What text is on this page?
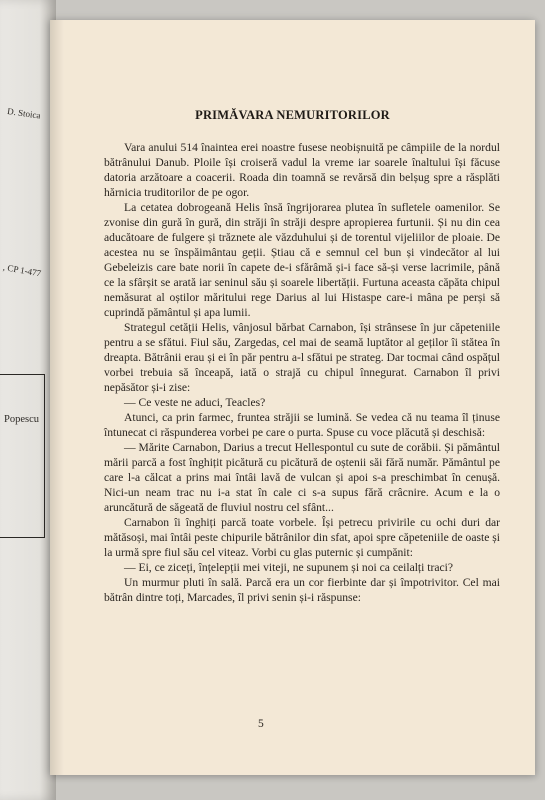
D. Stoica
, CP 1-477
Popescu
PRIMĂVARA NEMURITORILOR

Vara anului 514 înaintea erei noastre fusese neobișnuită pe câmpiile de la nordul bătrânului Danub. Ploile își croiseră vadul la vreme iar soarele înaltului își făcuse datoria arzătoare a coacerii. Roada din toamnă se revărsă din belșug spre a răsplăti hărnicia truditorilor de pe ogor.

La cetatea dobrogeană Helis însă îngrijorarea plutea în sufletele oamenilor. Se zvonise din gură în gură, din străji în străji despre apropierea furtunii. Și nu din cea aducătoare de fulgere și trăznete ale văzduhului și de torentul vijeliilor de ploaie. De acestea nu se înspăimântau geții. Știau că e semnul cel bun și vindecător al lui Gebeleizis care bate norii în capete de-i sfărâmă și-i face să-și verse lacrimile, până ce la sfârșit se arată iar seninul său și soarele libertății. Furtuna aceasta căpăta chipul nemăsurat al oștilor măritului rege Darius al lui Histaspe care-i mâna pe perși să cuprindă pământul și apa lumii.

Strategul cetății Helis, vânjosul bărbat Carnabon, își strânsese în jur căpeteniile pentru a se sfătui. Fiul său, Zargedas, cel mai de seamă luptător al geților îi stătea în dreapta. Bătrânii erau și ei în păr pentru a-l sfătui pe strateg. Dar tocmai când ospățul vorbei trebuia să înceapă, iată o strajă cu chipul înnegurat. Carnabon îl privi nepăsător și-i zise:

— Ce veste ne aduci, Teacles?

Atunci, ca prin farmec, fruntea străjii se lumină. Se vedea că nu teama îl ținuse întunecat ci răspunderea vorbei pe care o purta. Spuse cu voce plăcută și deschisă:

— Mărite Carnabon, Darius a trecut Hellespontul cu sute de corăbii. Și pământul mării parcă a fost înghițit picătură cu picătură de oștenii săi fără număr. Pământul pe care l-a călcat a prins mai întâi lavă de vulcan și apoi s-a preschimbat în cenușă. Nici-un neam trac nu i-a stat în cale ci s-a supus fără crâcnire. Acum e la o aruncătură de săgeată de fluviul nostru cel sfânt...

Carnabon îi înghiți parcă toate vorbele. Își petrecu privirile cu ochi duri dar mătăsoși, mai întâi peste chipurile bătrânilor din sfat, apoi spre căpeteniile de oaste și la urmă spre fiul său cel viteaz. Vorbi cu glas puternic și cumpănit:

— Ei, ce ziceți, înțelepții mei viteji, ne supunem și noi ca ceilalți traci?

Un murmur pluti în sală. Parcă era un cor fierbinte dar și împotrivitor. Cel mai bătrân dintre toți, Marcades, îl privi senin și-i răspunse:

5
